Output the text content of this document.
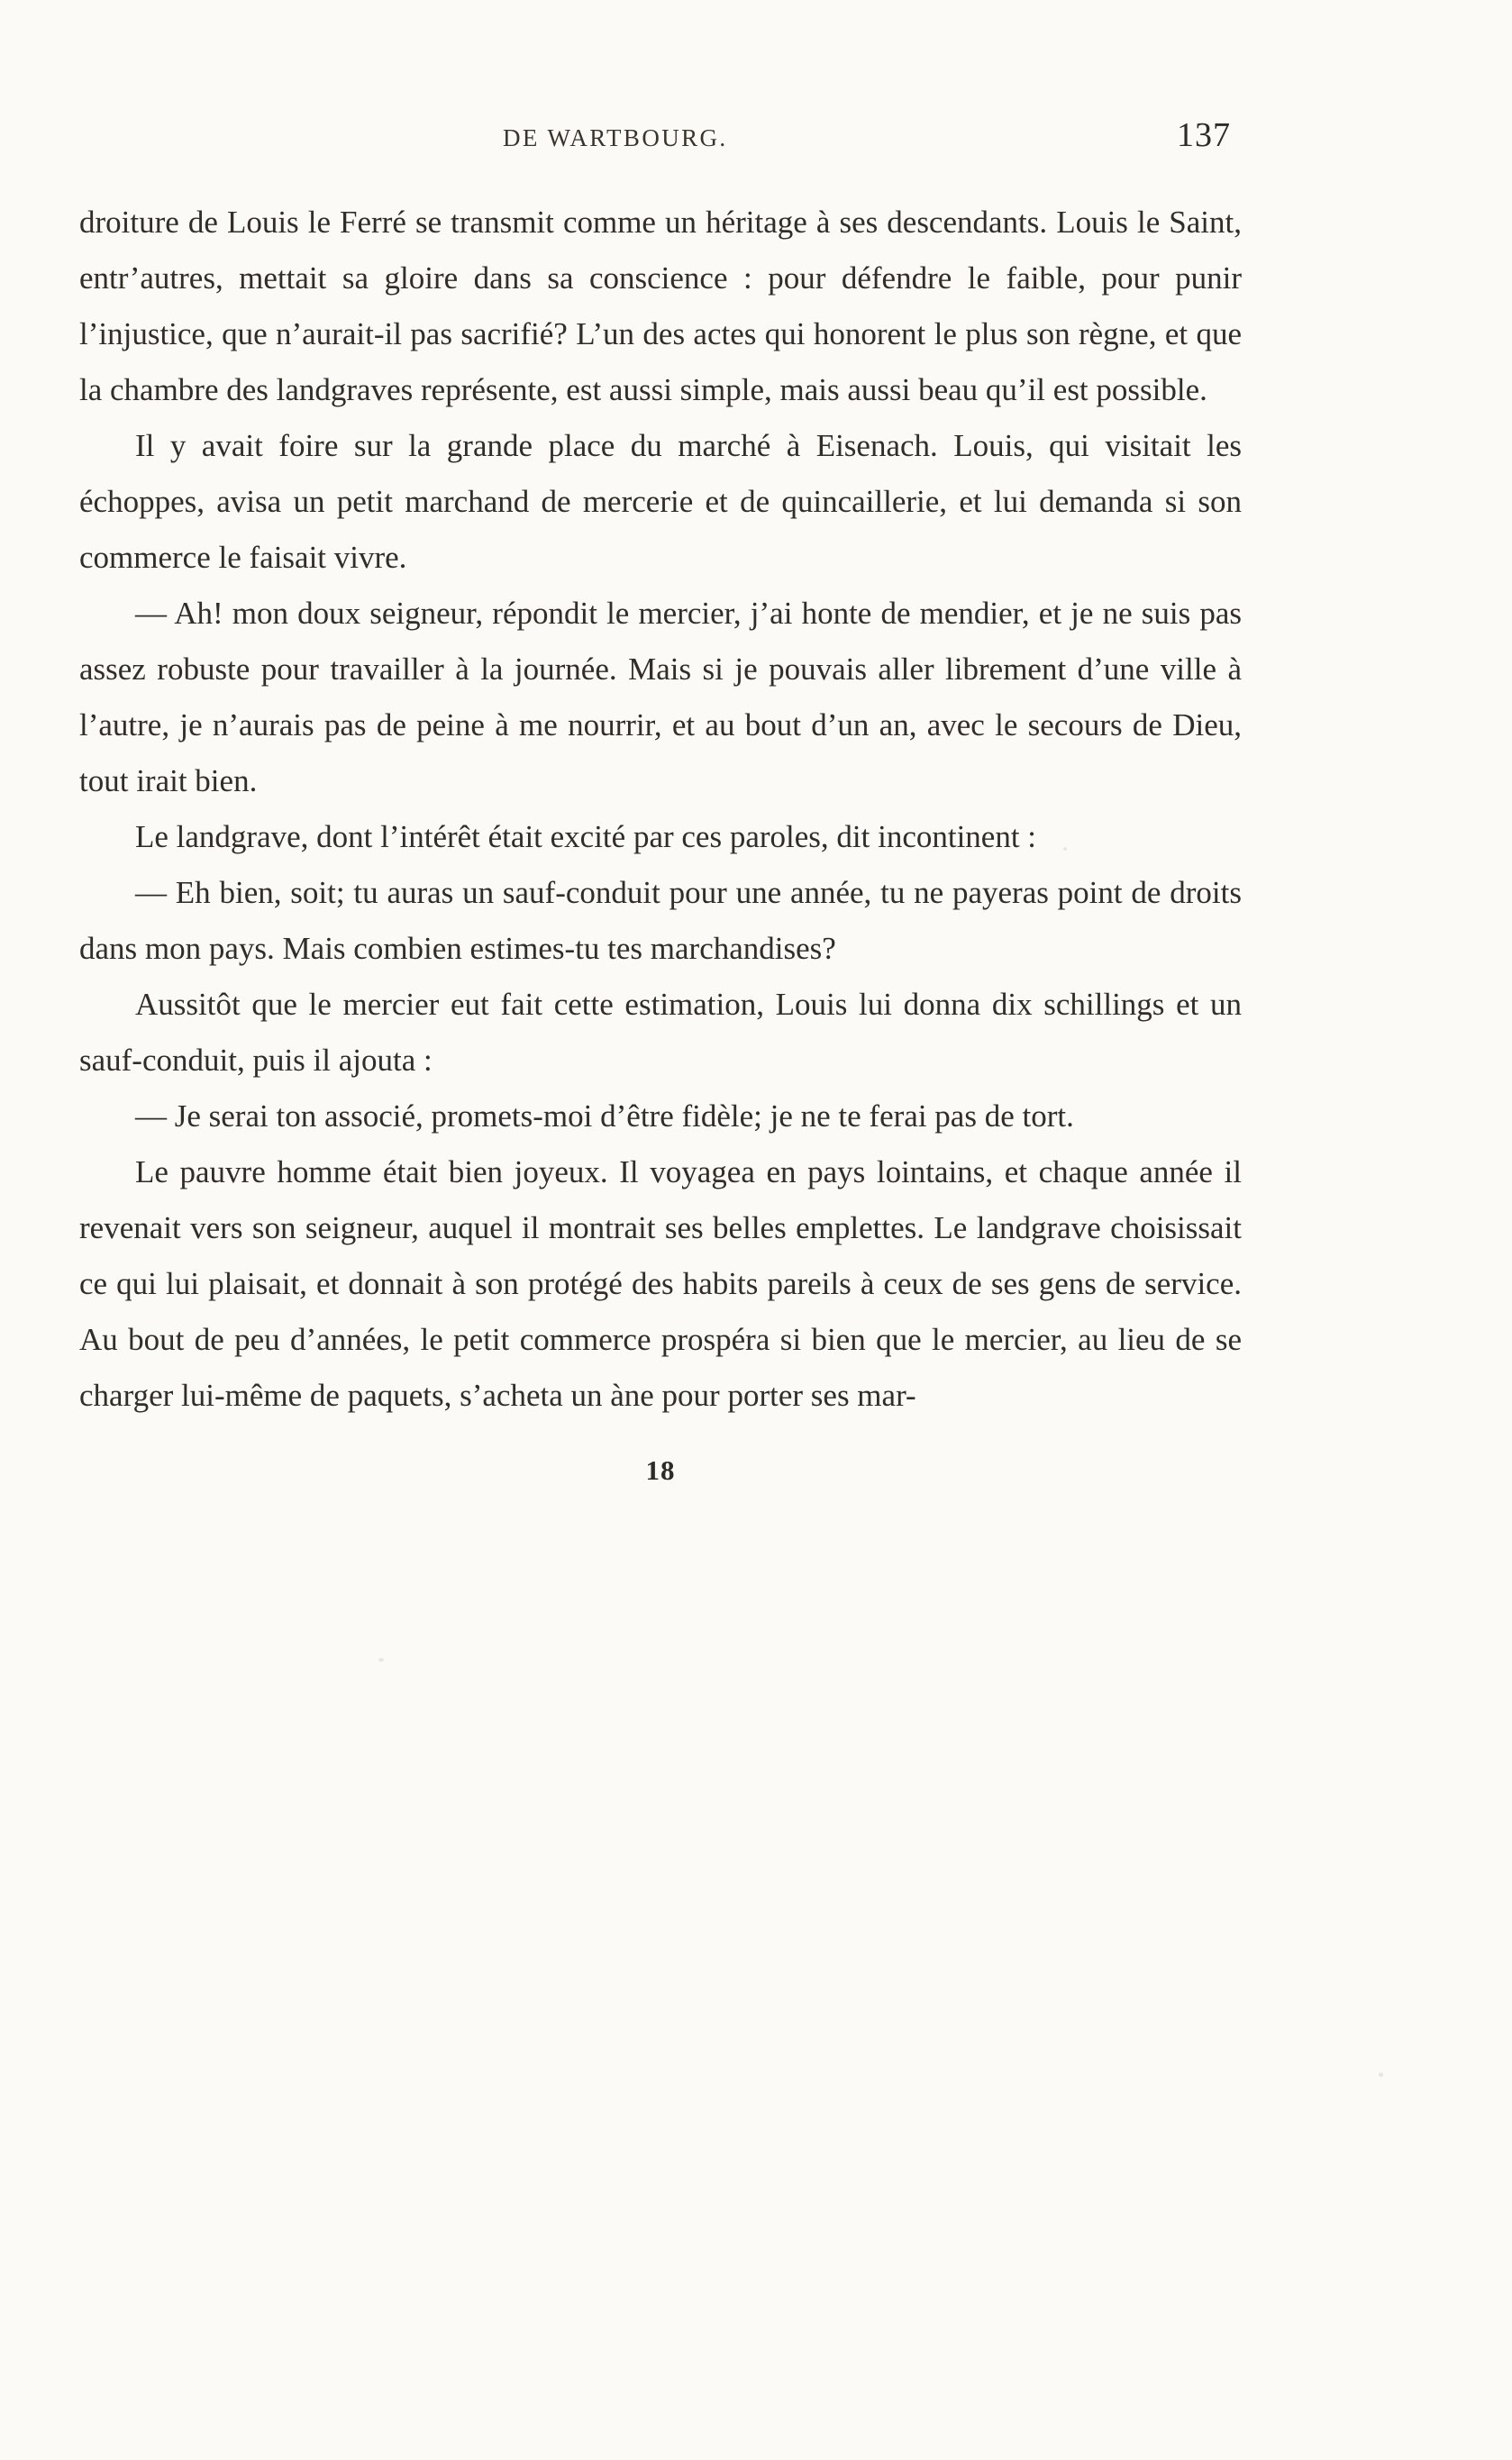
DE WARTBOURG.	137

droiture de Louis le Ferré se transmit comme un héritage à ses descendants. Louis le Saint, entr’autres, mettait sa gloire dans sa conscience : pour défendre le faible, pour punir l’injustice, que n’aurait-il pas sacrifié? L’un des actes qui honorent le plus son règne, et que la chambre des landgraves représente, est aussi simple, mais aussi beau qu’il est possible.

Il y avait foire sur la grande place du marché à Eisenach. Louis, qui visitait les échoppes, avisa un petit marchand de mercerie et de quincaillerie, et lui demanda si son commerce le faisait vivre.

— Ah! mon doux seigneur, répondit le mercier, j’ai honte de mendier, et je ne suis pas assez robuste pour travailler à la journée. Mais si je pouvais aller librement d’une ville à l’autre, je n’aurais pas de peine à me nourrir, et au bout d’un an, avec le secours de Dieu, tout irait bien.

Le landgrave, dont l’intérêt était excité par ces paroles, dit incontinent :

— Eh bien, soit; tu auras un sauf-conduit pour une année, tu ne payeras point de droits dans mon pays. Mais combien estimes-tu tes marchandises?

Aussitôt que le mercier eut fait cette estimation, Louis lui donna dix schillings et un sauf-conduit, puis il ajouta :

— Je serai ton associé, promets-moi d’être fidèle; je ne te ferai pas de tort.

Le pauvre homme était bien joyeux. Il voyagea en pays lointains, et chaque année il revenait vers son seigneur, auquel il montrait ses belles emplettes. Le landgrave choisissait ce qui lui plaisait, et donnait à son protégé des habits pareils à ceux de ses gens de service. Au bout de peu d’années, le petit commerce prospéra si bien que le mercier, au lieu de se charger lui-même de paquets, s’acheta un àne pour porter ses mar-

18
